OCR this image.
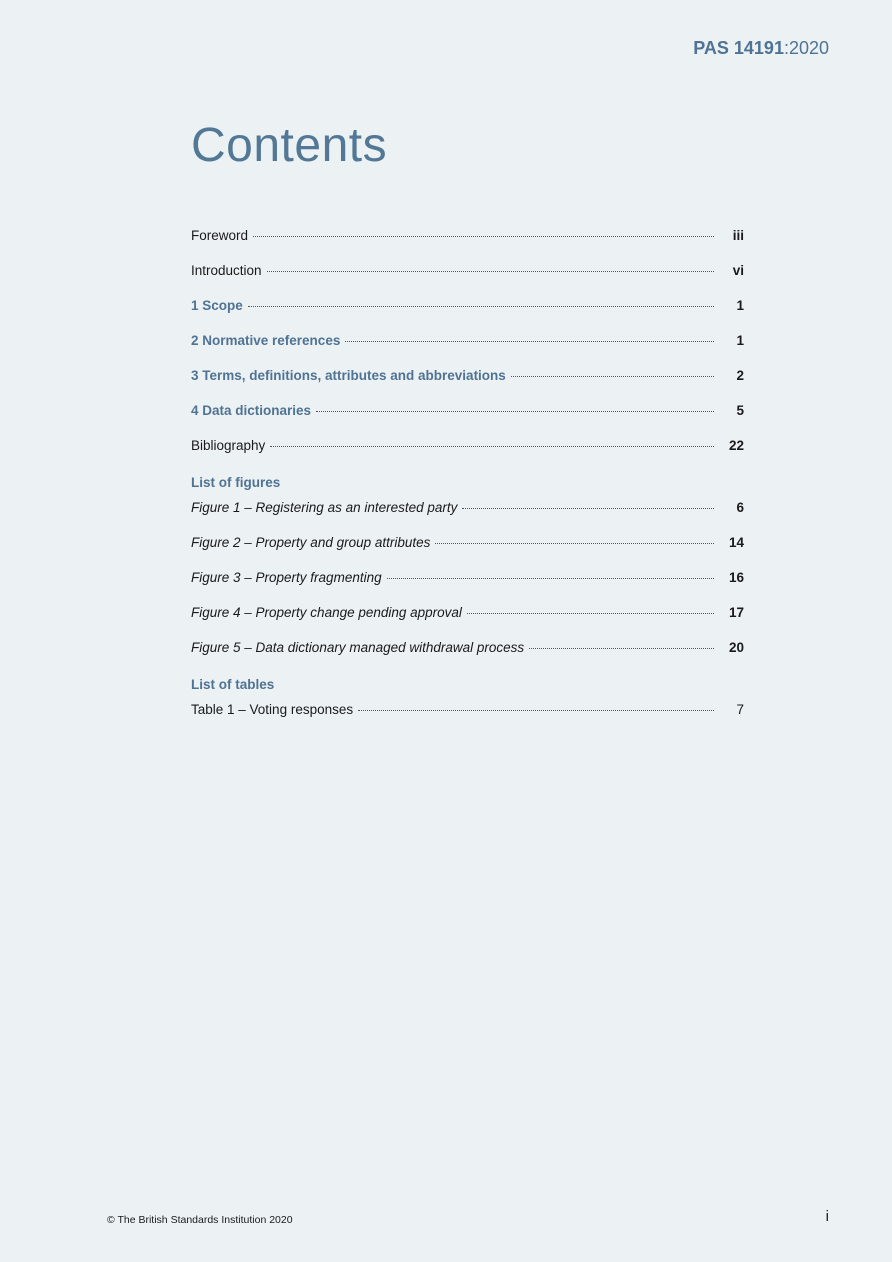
PAS 14191:2020
Contents
Foreword	iii
Introduction	vi
1 Scope	1
2 Normative references	1
3 Terms, definitions, attributes and abbreviations	2
4 Data dictionaries	5
Bibliography	22
List of figures
Figure 1 – Registering as an interested party	6
Figure 2 – Property and group attributes	14
Figure 3 – Property fragmenting	16
Figure 4 – Property change pending approval	17
Figure 5 – Data dictionary managed withdrawal process	20
List of tables
Table 1 – Voting responses	7
© The British Standards Institution 2020	i
